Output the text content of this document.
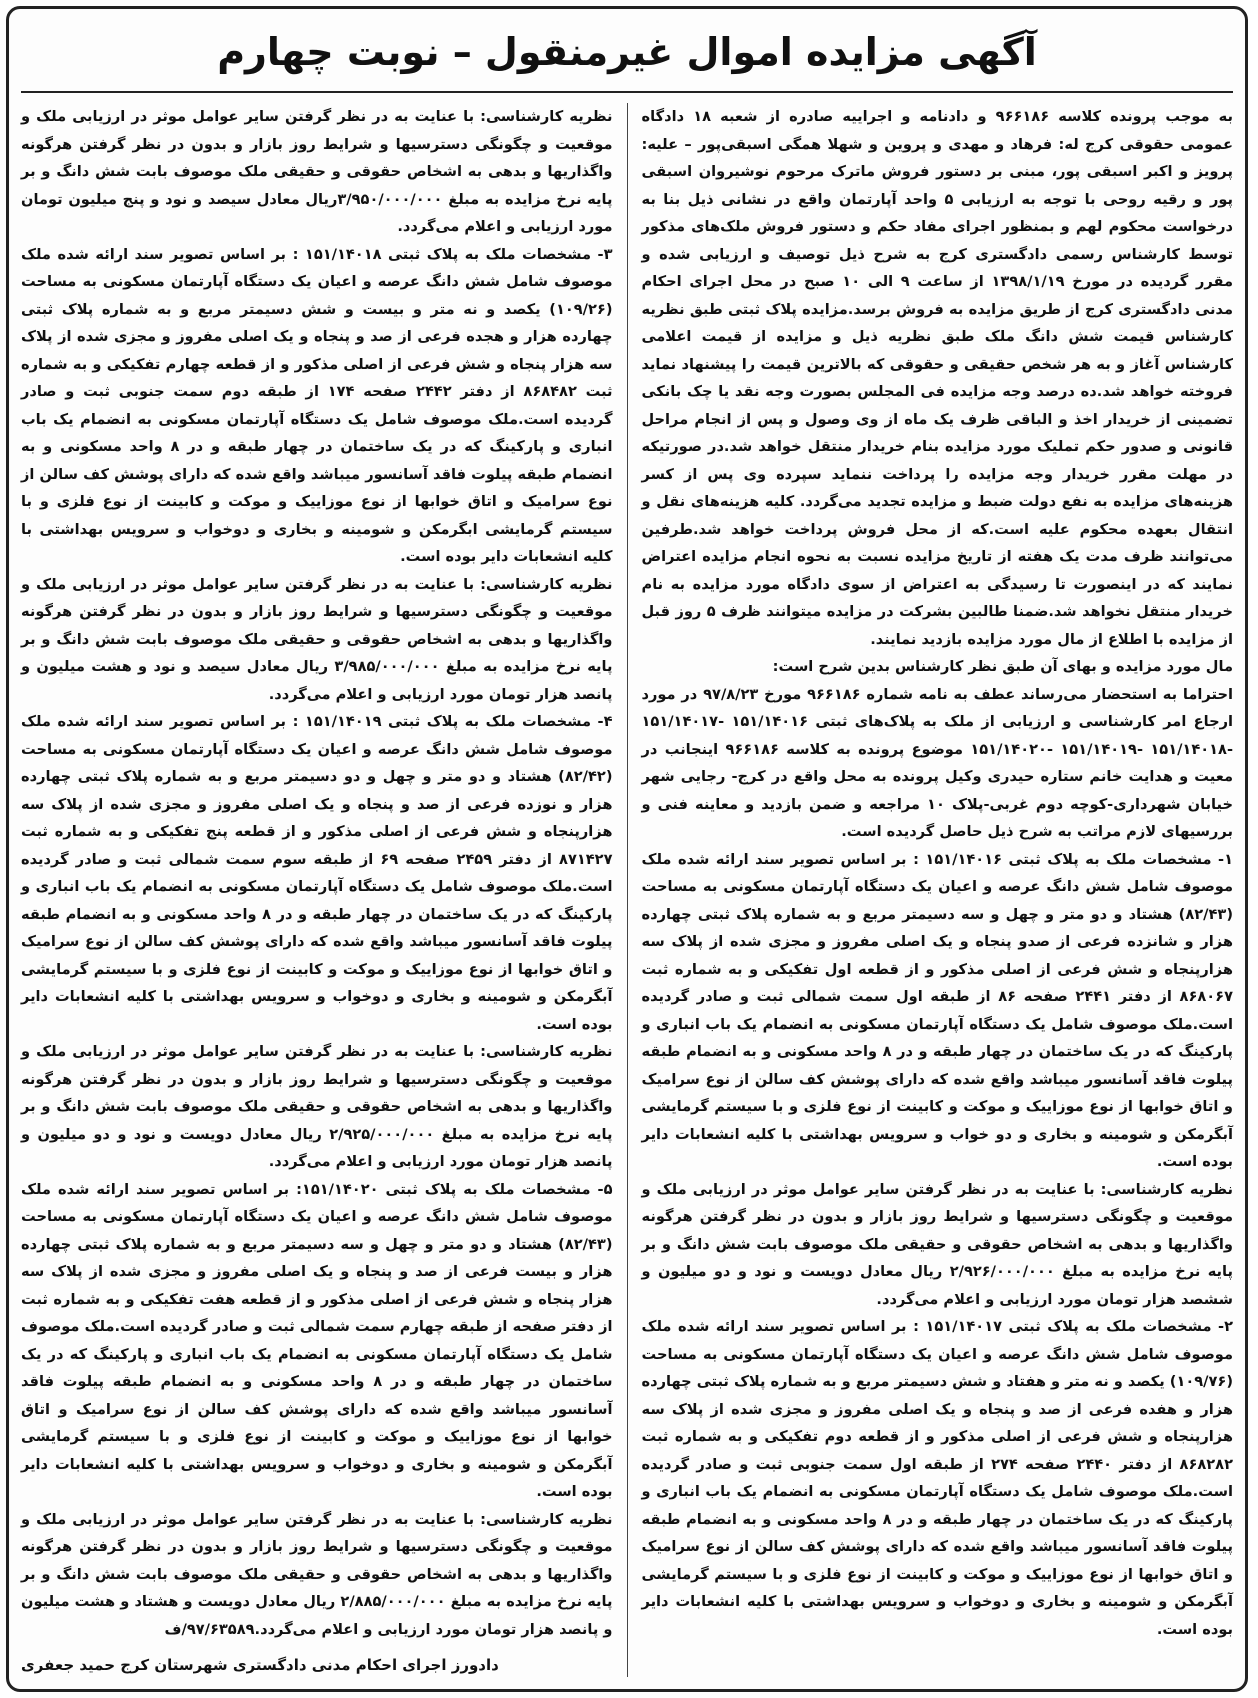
آگهی مزایده اموال غیرمنقول – نوبت چهارم

به موجب پرونده کلاسه ۹۶۶۱۸۶ و دادنامه و اجراییه صادره از شعبه ۱۸ دادگاه عمومی حقوقی کرج له: فرهاد و مهدی و پروین و شهلا همگی اسبقی‌پور – علیه: پرویز و اکبر اسبقی پور، مبنی بر دستور فروش ماترک مرحوم نوشیروان اسبقی پور و رقیه روحی با توجه به ارزیابی ۵ واحد آپارتمان واقع در نشانی ذیل بنا به درخواست محکوم لهم و بمنظور اجرای مفاد حکم و دستور فروش ملک‌های مذکور توسط کارشناس رسمی دادگستری کرج به شرح ذیل توصیف و ارزیابی شده و مقرر گردیده در مورخ ۱۳۹۸/۱/۱۹ از ساعت ۹ الی ۱۰ صبح در محل اجرای احکام مدنی دادگستری کرج از طریق مزایده به فروش برسد.مزایده پلاک ثبتی طبق نظریه کارشناس قیمت شش دانگ ملک طبق نظریه ذیل و مزایده از قیمت اعلامی کارشناس آغاز و به هر شخص حقیقی و حقوقی که بالاترین قیمت را پیشنهاد نماید فروخته خواهد شد.ده درصد وجه مزایده فی المجلس بصورت وجه نقد یا چک بانکی تضمینی از خریدار اخذ و الباقی ظرف یک ماه از وی وصول و پس از انجام مراحل قانونی و صدور حکم تملیک مورد مزایده بنام خریدار منتقل خواهد شد.در صورتیکه در مهلت مقرر خریدار وجه مزایده را پرداخت ننماید سپرده وی پس از کسر هزینه‌های مزایده به نفع دولت ضبط و مزایده تجدید می‌گردد. کلیه هزینه‌های نقل و انتقال بعهده محکوم علیه است.که از محل فروش پرداخت خواهد شد.طرفین می‌توانند ظرف مدت یک هفته از تاریخ مزایده نسبت به نحوه انجام مزایده اعتراض نمایند که در اینصورت تا رسیدگی به اعتراض از سوی دادگاه مورد مزایده به نام خریدار منتقل نخواهد شد.ضمنا طالبین بشرکت در مزایده میتوانند ظرف ۵ روز قبل از مزایده با اطلاع از مال مورد مزایده بازدید نمایند.

مال مورد مزایده و بهای آن طبق نظر کارشناس بدین شرح است:

احتراما به استحضار می‌رساند عطف به نامه شماره ۹۶۶۱۸۶ مورخ ۹۷/۸/۲۳ در مورد ارجاع امر کارشناسی و ارزیابی از ملک به پلاک‌های ثبتی ۱۵۱/۱۴۰۱۶ -۱۵۱/۱۴۰۱۷ -۱۵۱/۱۴۰۱۸ -۱۵۱/۱۴۰۱۹ -۱۵۱/۱۴۰۲۰ موضوع پرونده به کلاسه ۹۶۶۱۸۶ اینجانب در معیت و هدایت خانم ستاره حیدری وکیل پرونده به محل واقع در کرج- رجایی شهر خیابان شهرداری-کوچه دوم غربی-پلاک ۱۰ مراجعه و ضمن بازدید و معاینه فنی و بررسیهای لازم مراتب به شرح ذیل حاصل گردیده است.

۱- مشخصات ملک به پلاک ثبتی ۱۵۱/۱۴۰۱۶ : بر اساس تصویر سند ارائه شده ملک موصوف شامل شش دانگ عرصه و اعیان یک دستگاه آپارتمان مسکونی به مساحت (۸۲/۴۳) هشتاد و دو متر و چهل و سه دسیمتر مربع و به شماره پلاک ثبتی چهارده هزار و شانزده فرعی از صدو پنجاه و یک اصلی مفروز و مجزی شده از پلاک سه هزارپنجاه و شش فرعی از اصلی مذکور و از قطعه اول تفکیکی و به شماره ثبت ۸۶۸۰۶۷ از دفتر ۲۴۴۱ صفحه ۸۶ از طبقه اول سمت شمالی ثبت و صادر گردیده است.ملک موصوف شامل یک دستگاه آپارتمان مسکونی به انضمام یک باب انباری و پارکینگ که در یک ساختمان در چهار طبقه و در ۸ واحد مسکونی و به انضمام طبقه پیلوت فاقد آسانسور میباشد واقع شده که دارای پوشش کف سالن از نوع سرامیک و اتاق خوابها از نوع موزاییک و موکت و کابینت از نوع فلزی و با سیستم گرمایشی آبگرمکن و شومینه و بخاری و دو خواب و سرویس بهداشتی با کلیه انشعابات دایر بوده است.

نظریه کارشناسی: با عنایت به در نظر گرفتن سایر عوامل موثر در ارزیابی ملک و موقعیت و چگونگی دسترسیها و شرایط روز بازار و بدون در نظر گرفتن هرگونه واگذاریها و بدهی به اشخاص حقوقی و حقیقی ملک موصوف بابت شش دانگ و بر پایه نرخ مزایده به مبلغ ۲/۹۲۶/۰۰۰/۰۰۰ ریال معادل دویست و نود و دو میلیون و ششصد هزار تومان مورد ارزیابی و اعلام می‌گردد.

۲- مشخصات ملک به پلاک ثبتی ۱۵۱/۱۴۰۱۷ : بر اساس تصویر سند ارائه شده ملک موصوف شامل شش دانگ عرصه و اعیان یک دستگاه آپارتمان مسکونی به مساحت (۱۰۹/۷۶) یکصد و نه متر و هفتاد و شش دسیمتر مربع و به شماره پلاک ثبتی چهارده هزار و هفده فرعی از صد و پنجاه و یک اصلی مفروز و مجزی شده از پلاک سه هزارپنجاه و شش فرعی از اصلی مذکور و از قطعه دوم تفکیکی و به شماره ثبت ۸۶۸۲۸۲ از دفتر ۲۴۴۰ صفحه ۲۷۴ از طبقه اول سمت جنوبی ثبت و صادر گردیده است.ملک موصوف شامل یک دستگاه آپارتمان مسکونی به انضمام یک باب انباری و پارکینگ که در یک ساختمان در چهار طبقه و در ۸ واحد مسکونی و به انضمام طبقه پیلوت فاقد آسانسور میباشد واقع شده که دارای پوشش کف سالن از نوع سرامیک و اتاق خوابها از نوع موزاییک و موکت و کابینت از نوع فلزی و با سیستم گرمایشی آبگرمکن و شومینه و بخاری و دوخواب و سرویس بهداشتی با کلیه انشعابات دایر بوده است.

نظریه کارشناسی: با عنایت به در نظر گرفتن سایر عوامل موثر در ارزیابی ملک و موقعیت و چگونگی دسترسیها و شرایط روز بازار و بدون در نظر گرفتن هرگونه واگذاریها و بدهی به اشخاص حقوقی و حقیقی ملک موصوف بابت شش دانگ و بر پایه نرخ مزایده به مبلغ ۳/۹۵۰/۰۰۰/۰۰۰ریال معادل سیصد و نود و پنج میلیون تومان مورد ارزیابی و اعلام می‌گردد.

۳- مشخصات ملک به پلاک ثبتی ۱۵۱/۱۴۰۱۸ : بر اساس تصویر سند ارائه شده ملک موصوف شامل شش دانگ عرصه و اعیان یک دستگاه آپارتمان مسکونی به مساحت (۱۰۹/۲۶) یکصد و نه متر و بیست و شش دسیمتر مربع و به شماره پلاک ثبتی چهارده هزار و هجده فرعی از صد و پنجاه و یک اصلی مفروز و مجزی شده از پلاک سه هزار پنجاه و شش فرعی از اصلی مذکور و از قطعه چهارم تفکیکی و به شماره ثبت ۸۶۸۴۸۲ از دفتر ۲۴۴۲ صفحه ۱۷۴ از طبقه دوم سمت جنوبی ثبت و صادر گردیده است.ملک موصوف شامل یک دستگاه آپارتمان مسکونی به انضمام یک باب انباری و پارکینگ که در یک ساختمان در چهار طبقه و در ۸ واحد مسکونی و به انضمام طبقه پیلوت فاقد آسانسور میباشد واقع شده که دارای پوشش کف سالن از نوع سرامیک و اتاق خوابها از نوع موزاییک و موکت و کابینت از نوع فلزی و با سیستم گرمایشی ابگرمکن و شومینه و بخاری و دوخواب و سرویس بهداشتی با کلیه انشعابات دایر بوده است.

نظریه کارشناسی: با عنایت به در نظر گرفتن سایر عوامل موثر در ارزیابی ملک و موقعیت و چگونگی دسترسیها و شرایط روز بازار و بدون در نظر گرفتن هرگونه واگذاریها و بدهی به اشخاص حقوقی و حقیقی ملک موصوف بابت شش دانگ و بر پایه نرخ مزایده به مبلغ ۳/۹۸۵/۰۰۰/۰۰۰ ریال معادل سیصد و نود و هشت میلیون و پانصد هزار تومان مورد ارزیابی و اعلام می‌گردد.

۴- مشخصات ملک به پلاک ثبتی ۱۵۱/۱۴۰۱۹ : بر اساس تصویر سند ارائه شده ملک موصوف شامل شش دانگ عرصه و اعیان یک دستگاه آپارتمان مسکونی به مساحت (۸۲/۴۲) هشتاد و دو متر و چهل و دو دسیمتر مربع و به شماره پلاک ثبتی چهارده هزار و نوزده فرعی از صد و پنجاه و یک اصلی مفروز و مجزی شده از پلاک سه هزارپنجاه و شش فرعی از اصلی مذکور و از قطعه پنج تفکیکی و به شماره ثبت ۸۷۱۴۲۷ از دفتر ۲۴۵۹ صفحه ۶۹ از طبقه سوم سمت شمالی ثبت و صادر گردیده است.ملک موصوف شامل یک دستگاه آپارتمان مسکونی به انضمام یک باب انباری و پارکینگ که در یک ساختمان در چهار طبقه و در ۸ واحد مسکونی و به انضمام طبقه پیلوت فاقد آسانسور میباشد واقع شده که دارای پوشش کف سالن از نوع سرامیک و اتاق خوابها از نوع موزاییک و موکت و کابینت از نوع فلزی و با سیستم گرمایشی آبگرمکن و شومینه و بخاری و دوخواب و سرویس بهداشتی با کلیه انشعابات دایر بوده است.

نظریه کارشناسی: با عنایت به در نظر گرفتن سایر عوامل موثر در ارزیابی ملک و موقعیت و چگونگی دسترسیها و شرایط روز بازار و بدون در نظر گرفتن هرگونه واگذاریها و بدهی به اشخاص حقوقی و حقیقی ملک موصوف بابت شش دانگ و بر پایه نرخ مزایده به مبلغ ۲/۹۲۵/۰۰۰/۰۰۰ ریال معادل دویست و نود و دو میلیون و پانصد هزار تومان مورد ارزیابی و اعلام می‌گردد.

۵- مشخصات ملک به پلاک ثبتی ۱۵۱/۱۴۰۲۰: بر اساس تصویر سند ارائه شده ملک موصوف شامل شش دانگ عرصه و اعیان یک دستگاه آپارتمان مسکونی به مساحت (۸۲/۴۳) هشتاد و دو متر و چهل و سه دسیمتر مربع و به شماره پلاک ثبتی چهارده هزار و بیست فرعی از صد و پنجاه و یک اصلی مفروز و مجزی شده از پلاک سه هزار پنجاه و شش فرعی از اصلی مذکور و از قطعه هفت تفکیکی و به شماره ثبت از دفتر صفحه از طبقه چهارم سمت شمالی ثبت و صادر گردیده است.ملک موصوف شامل یک دستگاه آپارتمان مسکونی به انضمام یک باب انباری و پارکینگ که در یک ساختمان در چهار طبقه و در ۸ واحد مسکونی و به انضمام طبقه پیلوت فاقد آسانسور میباشد واقع شده که دارای پوشش کف سالن از نوع سرامیک و اتاق خوابها از نوع موزاییک و موکت و کابینت از نوع فلزی و با سیستم گرمایشی آبگرمکن و شومینه و بخاری و دوخواب و سرویس بهداشتی با کلیه انشعابات دایر بوده است.

نظریه کارشناسی: با عنایت به در نظر گرفتن سایر عوامل موثر در ارزیابی ملک و موقعیت و چگونگی دسترسیها و شرایط روز بازار و بدون در نظر گرفتن هرگونه واگذاریها و بدهی به اشخاص حقوقی و حقیقی ملک موصوف بابت شش دانگ و بر پایه نرخ مزایده به مبلغ ۲/۸۸۵/۰۰۰/۰۰۰ ریال معادل دویست و هشتاد و هشت میلیون و پانصد هزار تومان مورد ارزیابی و اعلام می‌گردد.۹۷/۶۳۵۸۹/ف

دادورز اجرای احکام مدنی دادگستری شهرستان کرج حمید جعفری
